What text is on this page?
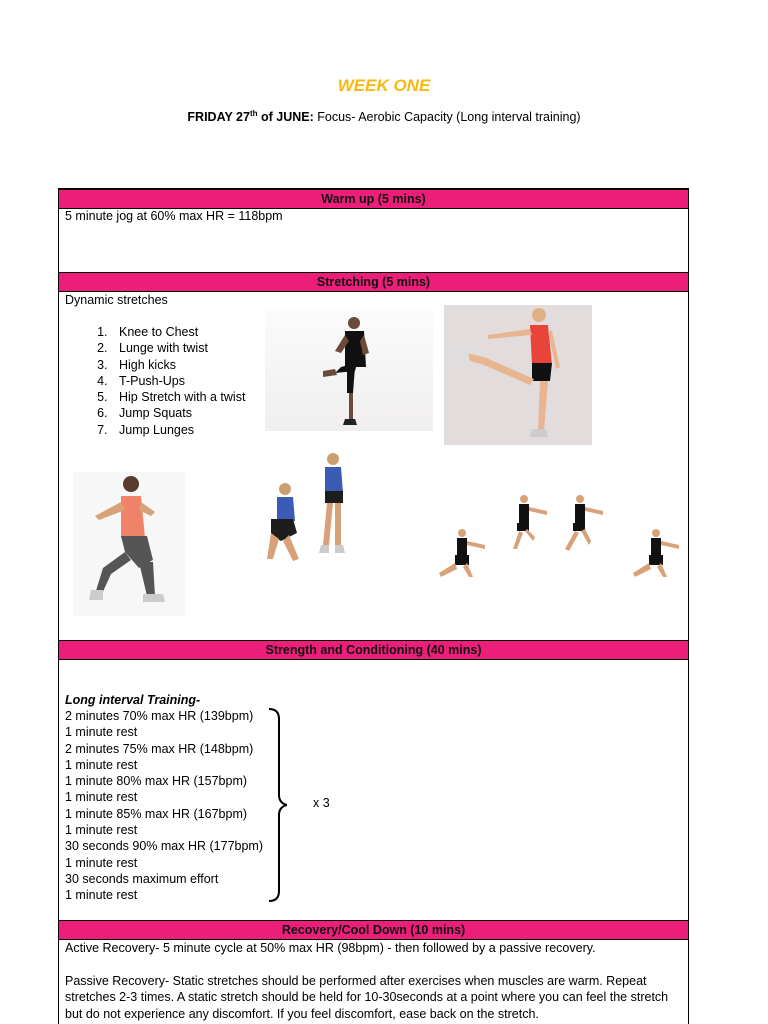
WEEK ONE
FRIDAY 27th of JUNE: Focus- Aerobic Capacity (Long interval training)
Warm up (5 mins)
5 minute jog at 60% max HR = 118bpm
Stretching (5 mins)
Dynamic stretches
1. Knee to Chest
2. Lunge with twist
3. High kicks
4. T-Push-Ups
5. Hip Stretch with a twist
6. Jump Squats
7. Jump Lunges
Strength and Conditioning (40 mins)
Long interval Training-
2 minutes 70% max HR (139bpm)
1 minute rest
2 minutes 75% max HR (148bpm)
1 minute rest
1 minute 80% max HR (157bpm)
1 minute rest
1 minute 85% max HR (167bpm)
1 minute rest
30 seconds 90% max HR (177bpm)
1 minute rest
30 seconds maximum effort
1 minute rest
x 3
Recovery/Cool Down (10 mins)
Active Recovery- 5 minute cycle at 50% max HR (98bpm) - then followed by a passive recovery.
Passive Recovery- Static stretches should be performed after exercises when muscles are warm. Repeat stretches 2-3 times. A static stretch should be held for 10-30seconds at a point where you can feel the stretch but do not experience any discomfort. If you feel discomfort, ease back on the stretch.
